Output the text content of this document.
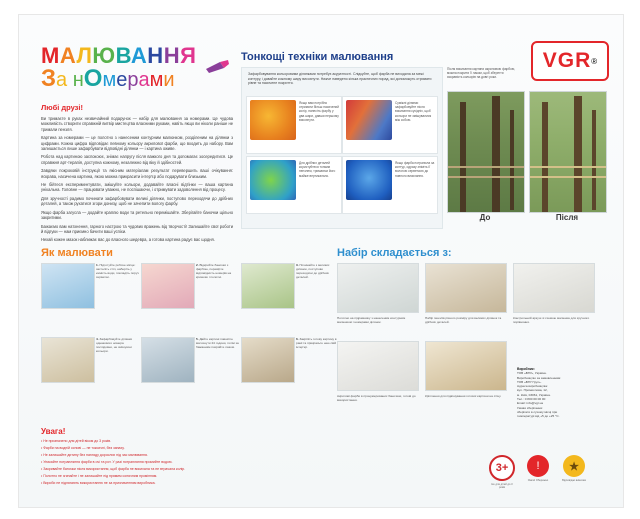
МАЛЮВАННЯ
За нОмерами
VGR ®
Любі друзі!

Ви тримаєте в руках незвичайний подарунок — набір для малювання за номерами. Це чудова можливість створити справжній витвір мистецтва власними руками, навіть якщо ви ніколи раніше не тримали пензля.

Картина за номерами — це полотно з нанесеним контурним малюнком, розділеним на ділянки з цифрами. Кожна цифра відповідає певному кольору акрилової фарби, що входить до набору. Вам залишається лише зафарбувати відповідні ділянки — і картина оживе.

Робота над картиною заспокоює, знімає напругу після важкого дня та допомагає зосередитися. Це справжня арт-терапія, доступна кожному, незалежно від віку й здібностей.

Завдяки покроковій інструкції та якісним матеріалам результат перевершить ваші очікування: яскрава, насичена картина, якою можна прикрасити інтер'єр або подарувати близьким.

Не бійтеся експериментувати, змішуйте кольори, додавайте власні відтінки — ваша картина унікальна. Головне — працювати уважно, не поспішаючи, і отримувати задоволення від процесу.

Для зручності радимо починати зафарбовувати великі ділянки, поступово переходячи до дрібних деталей, а також рухатися згори донизу, щоб не зачепити вологу фарбу.

Якщо фарба загусла — додайте краплю води та ретельно перемішайте. Зберігайте баночки щільно закритими.

Бажаємо вам натхнення, гарного настрою та чудових вражень від творчості! Залишайте свої роботи й відгуки — нам приємно бачити ваші успіхи.

Нехай кожен мазок наближає вас до власного шедевра, а готова картина радує вас щодня.

Тонкощі техніки малювання
Як малювати	Набір складається з:
Увага!
Зафарбовування кольоровими ділянками потребує акуратності. Слідкуйте, щоб фарба не виходила за межі контуру, і давайте кожному шару висохнути. Нижче наведено кілька практичних порад, які допоможуть отримати рівне та насичене покриття.
Якщо вам потрібно отримати більш насичений колір, нанесіть фарбу у два шари, давши першому висохнути.
Суміжні ділянки зафарбовуйте після висихання сусідніх, щоб кольори не змішувалися між собою.
Для дрібних деталей користуйтеся тонким пензлем, тримаючи його майже вертикально.
Якщо фарба потрапила за контур, одразу зніміть її вологою серветкою до повного висихання.
Після висихання картини акриловою фарбою, можна покрити її лаком, щоб зберегти яскравість кольорів на довгі роки.
До	Після
1. Підготуйте робоче місце: застеліть стіл, наберіть у ємність води, покладіть поруч серветки.
2. Відкрийте баночки з фарбою, перевірте відповідність номерів на кришках і полотні.
3. Починайте з великих ділянок, поступово переходячи до дрібних деталей.
4. Зафарбовуйте ділянки однакового номера послідовно, не змішуючи кольори.
5. Дайте картині повністю висохнути 24 години, потім за бажанням покрийте лаком.
6. Закріпіть готову картину в рамі та прикрасьте нею свій інтер'єр.
Полотно на підрамнику з нанесеним контурним малюнком і номерами ділянок.
Набір пензлів різного розміру для великих ділянок та дрібних деталей.
Контрольний аркуш зі схемою малюнка для зручного порівняння.
Акрилові фарби в пронумерованих баночках, готові до використання.
Кріплення для підвішування готової картини на стіну.
Виробник:
ТОВ «ВГР», Україна.
Виробництво за замовленням:
ТОВ «ВГР Груп».
Адреса виробництва:
вул. Промислова, 12,
м. Київ, 03061, Україна.
Тел.: 0 800 00 00 00
Email: info@vgr.ua
Умови зберігання:
зберігати в сухому місці при
температурі від +5 до +25 °С.

• Не призначено для дітей віком до 3 років.

• Фарби на водній основі — не токсичні, без запаху.

• Не залишайте дитину без нагляду дорослих під час малювання.

• Уникайте потрапляння фарби в очі та рот. У разі потрапляння промийте водою.

• Закривайте баночки після використання, щоб фарба не висихала та не втрачала колір.

• Полотно не згинайте і не залишайте під прямим сонячним промінням.

• Вироби не підлягають використанню не за призначенням виробника.

3+
Не для дітей до 3 років
!
Увага! Обережно
★
Відповідає вимогам
